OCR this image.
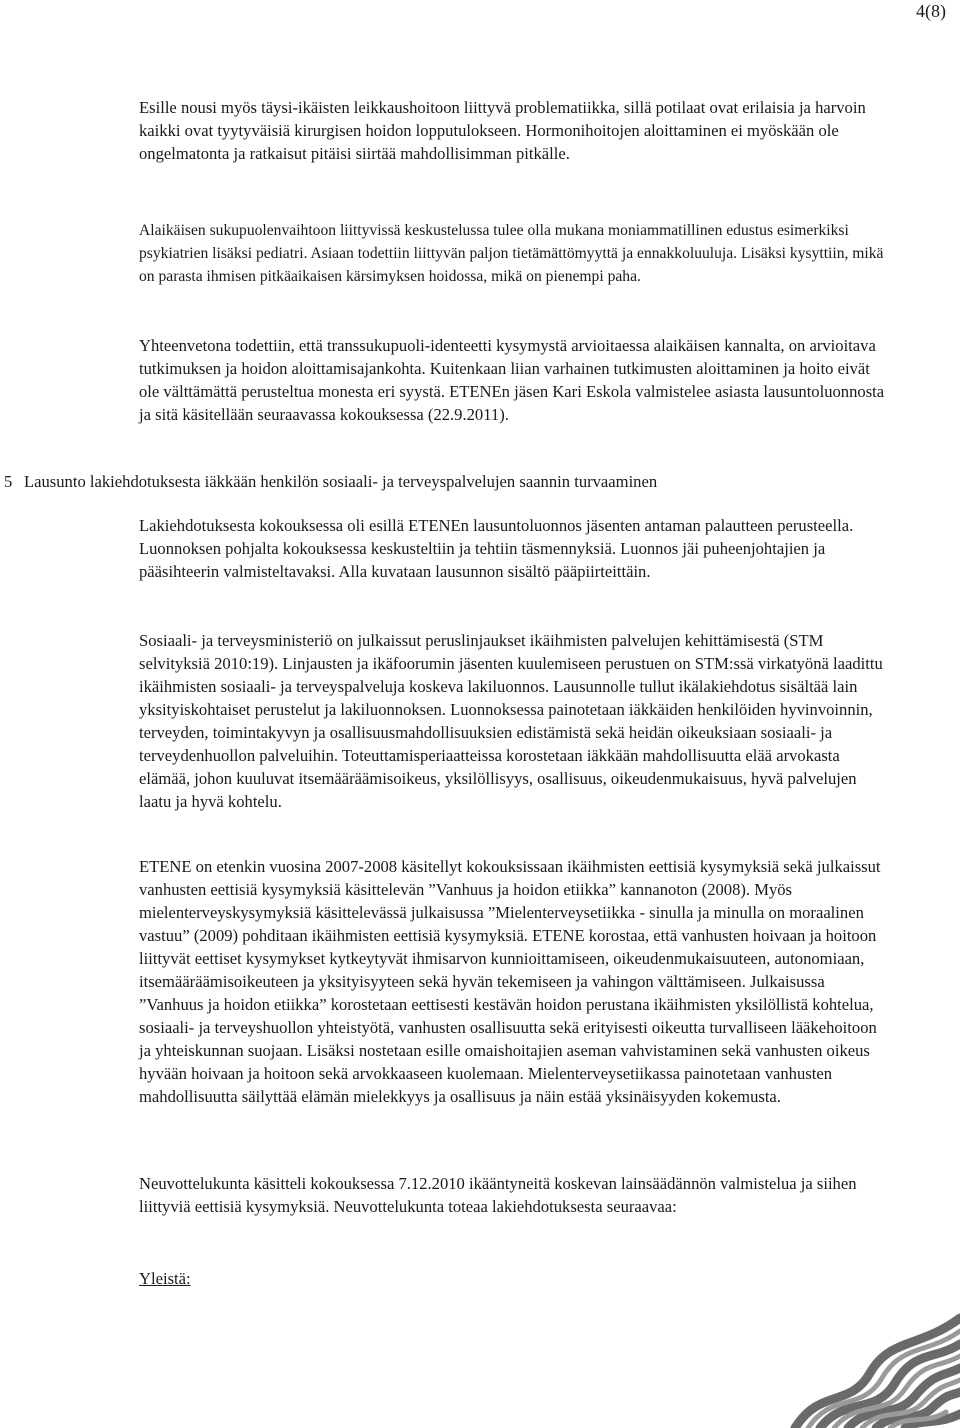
4(8)

Esille nousi myös täysi-ikäisten leikkaushoitoon liittyvä problematiikka, sillä potilaat ovat erilaisia ja harvoin kaikki ovat tyytyväisiä kirurgisen hoidon lopputulokseen. Hormonihoitojen aloittaminen ei myöskään ole ongelmatonta ja ratkaisut pitäisi siirtää mahdollisimman pitkälle.

Alaikäisen sukupuolenvaihtoon liittyvissä keskustelussa tulee olla mukana moniammatillinen edustus esimerkiksi psykiatrien lisäksi pediatri. Asiaan todettiin liittyvän paljon tietämättömyyttä ja ennakkoluuluja. Lisäksi kysyttiin, mikä on parasta ihmisen pitkäaikaisen kärsimyksen hoidossa, mikä on pienempi paha.

Yhteenvetona todettiin, että transsukupuoli-identeetti kysymystä arvioitaessa alaikäisen kannalta, on arvioitava tutkimuksen ja hoidon aloittamisajankohta. Kuitenkaan liian varhainen tutkimusten aloittaminen ja hoito eivät ole välttämättä perusteltua monesta eri syystä. ETENEn jäsen Kari Eskola valmistelee asiasta lausuntoluonnosta ja sitä käsitellään seuraavassa kokouksessa (22.9.2011).

5 Lausunto lakiehdotuksesta iäkkään henkilön sosiaali- ja terveyspalvelujen saannin turvaaminen

Lakiehdotuksesta kokouksessa oli esillä ETENEn lausuntoluonnos jäsenten antaman palautteen perusteella. Luonnoksen pohjalta kokouksessa keskusteltiin ja tehtiin täsmennyksiä. Luonnos jäi puheenjohtajien ja pääsihteerin valmisteltavaksi. Alla kuvataan lausunnon sisältö pääpiirteittäin.

Sosiaali- ja terveysministeriö on julkaissut peruslinjaukset ikäihmisten palvelujen kehittämisestä (STM selvityksiä 2010:19). Linjausten ja ikäfoorumin jäsenten kuulemiseen perustuen on STM:ssä virkatyönä laadittu ikäihmisten sosiaali- ja terveyspalveluja koskeva lakiluonnos. Lausunnolle tullut ikälakiehdotus sisältää lain yksityiskohtaiset perustelut ja lakiluonnoksen. Luonnoksessa painotetaan iäkkäiden henkilöiden hyvinvoinnin, terveyden, toimintakyvyn ja osallisuusmahdollisuuksien edistämistä sekä heidän oikeuksiaan sosiaali- ja terveydenhuollon palveluihin. Toteuttamisperiaatteissa korostetaan iäkkään mahdollisuutta elää arvokasta elämää, johon kuuluvat itsemääräämisoikeus, yksilöllisyys, osallisuus, oikeudenmukaisuus, hyvä palvelujen laatu ja hyvä kohtelu.

ETENE on etenkin vuosina 2007-2008 käsitellyt kokouksissaan ikäihmisten eettisiä kysymyksiä sekä julkaissut vanhusten eettisiä kysymyksiä käsittelevän ”Vanhuus ja hoidon etiikka” kannanoton (2008). Myös mielenterveyskysymyksiä käsittelevässä julkaisussa ”Mielenterveysetiikka - sinulla ja minulla on moraalinen vastuu” (2009) pohditaan ikäihmisten eettisiä kysymyksiä. ETENE korostaa, että vanhusten hoivaan ja hoitoon liittyvät eettiset kysymykset kytkeytyvät ihmisarvon kunnioittamiseen, oikeudenmukaisuuteen, autonomiaan, itsemääräämisoikeuteen ja yksityisyyteen sekä hyvän tekemiseen ja vahingon välttämiseen. Julkaisussa ”Vanhuus ja hoidon etiikka” korostetaan eettisesti kestävän hoidon perustana ikäihmisten yksilöllistä kohtelua, sosiaali- ja terveyshuollon yhteistyötä, vanhusten osallisuutta sekä erityisesti oikeutta turvalliseen lääkehoitoon ja yhteiskunnan suojaan. Lisäksi nostetaan esille omaishoitajien aseman vahvistaminen sekä vanhusten oikeus hyvään hoivaan ja hoitoon sekä arvokkaaseen kuolemaan. Mielenterveysetiikassa painotetaan vanhusten mahdollisuutta säilyttää elämän mielekkyys ja osallisuus ja näin estää yksinäisyyden kokemusta.

Neuvottelukunta käsitteli kokouksessa 7.12.2010 ikääntyneitä koskevan lainsäädännön valmistelua ja siihen liittyviä eettisiä kysymyksiä. Neuvottelukunta toteaa lakiehdotuksesta seuraavaa:

Yleistä:
